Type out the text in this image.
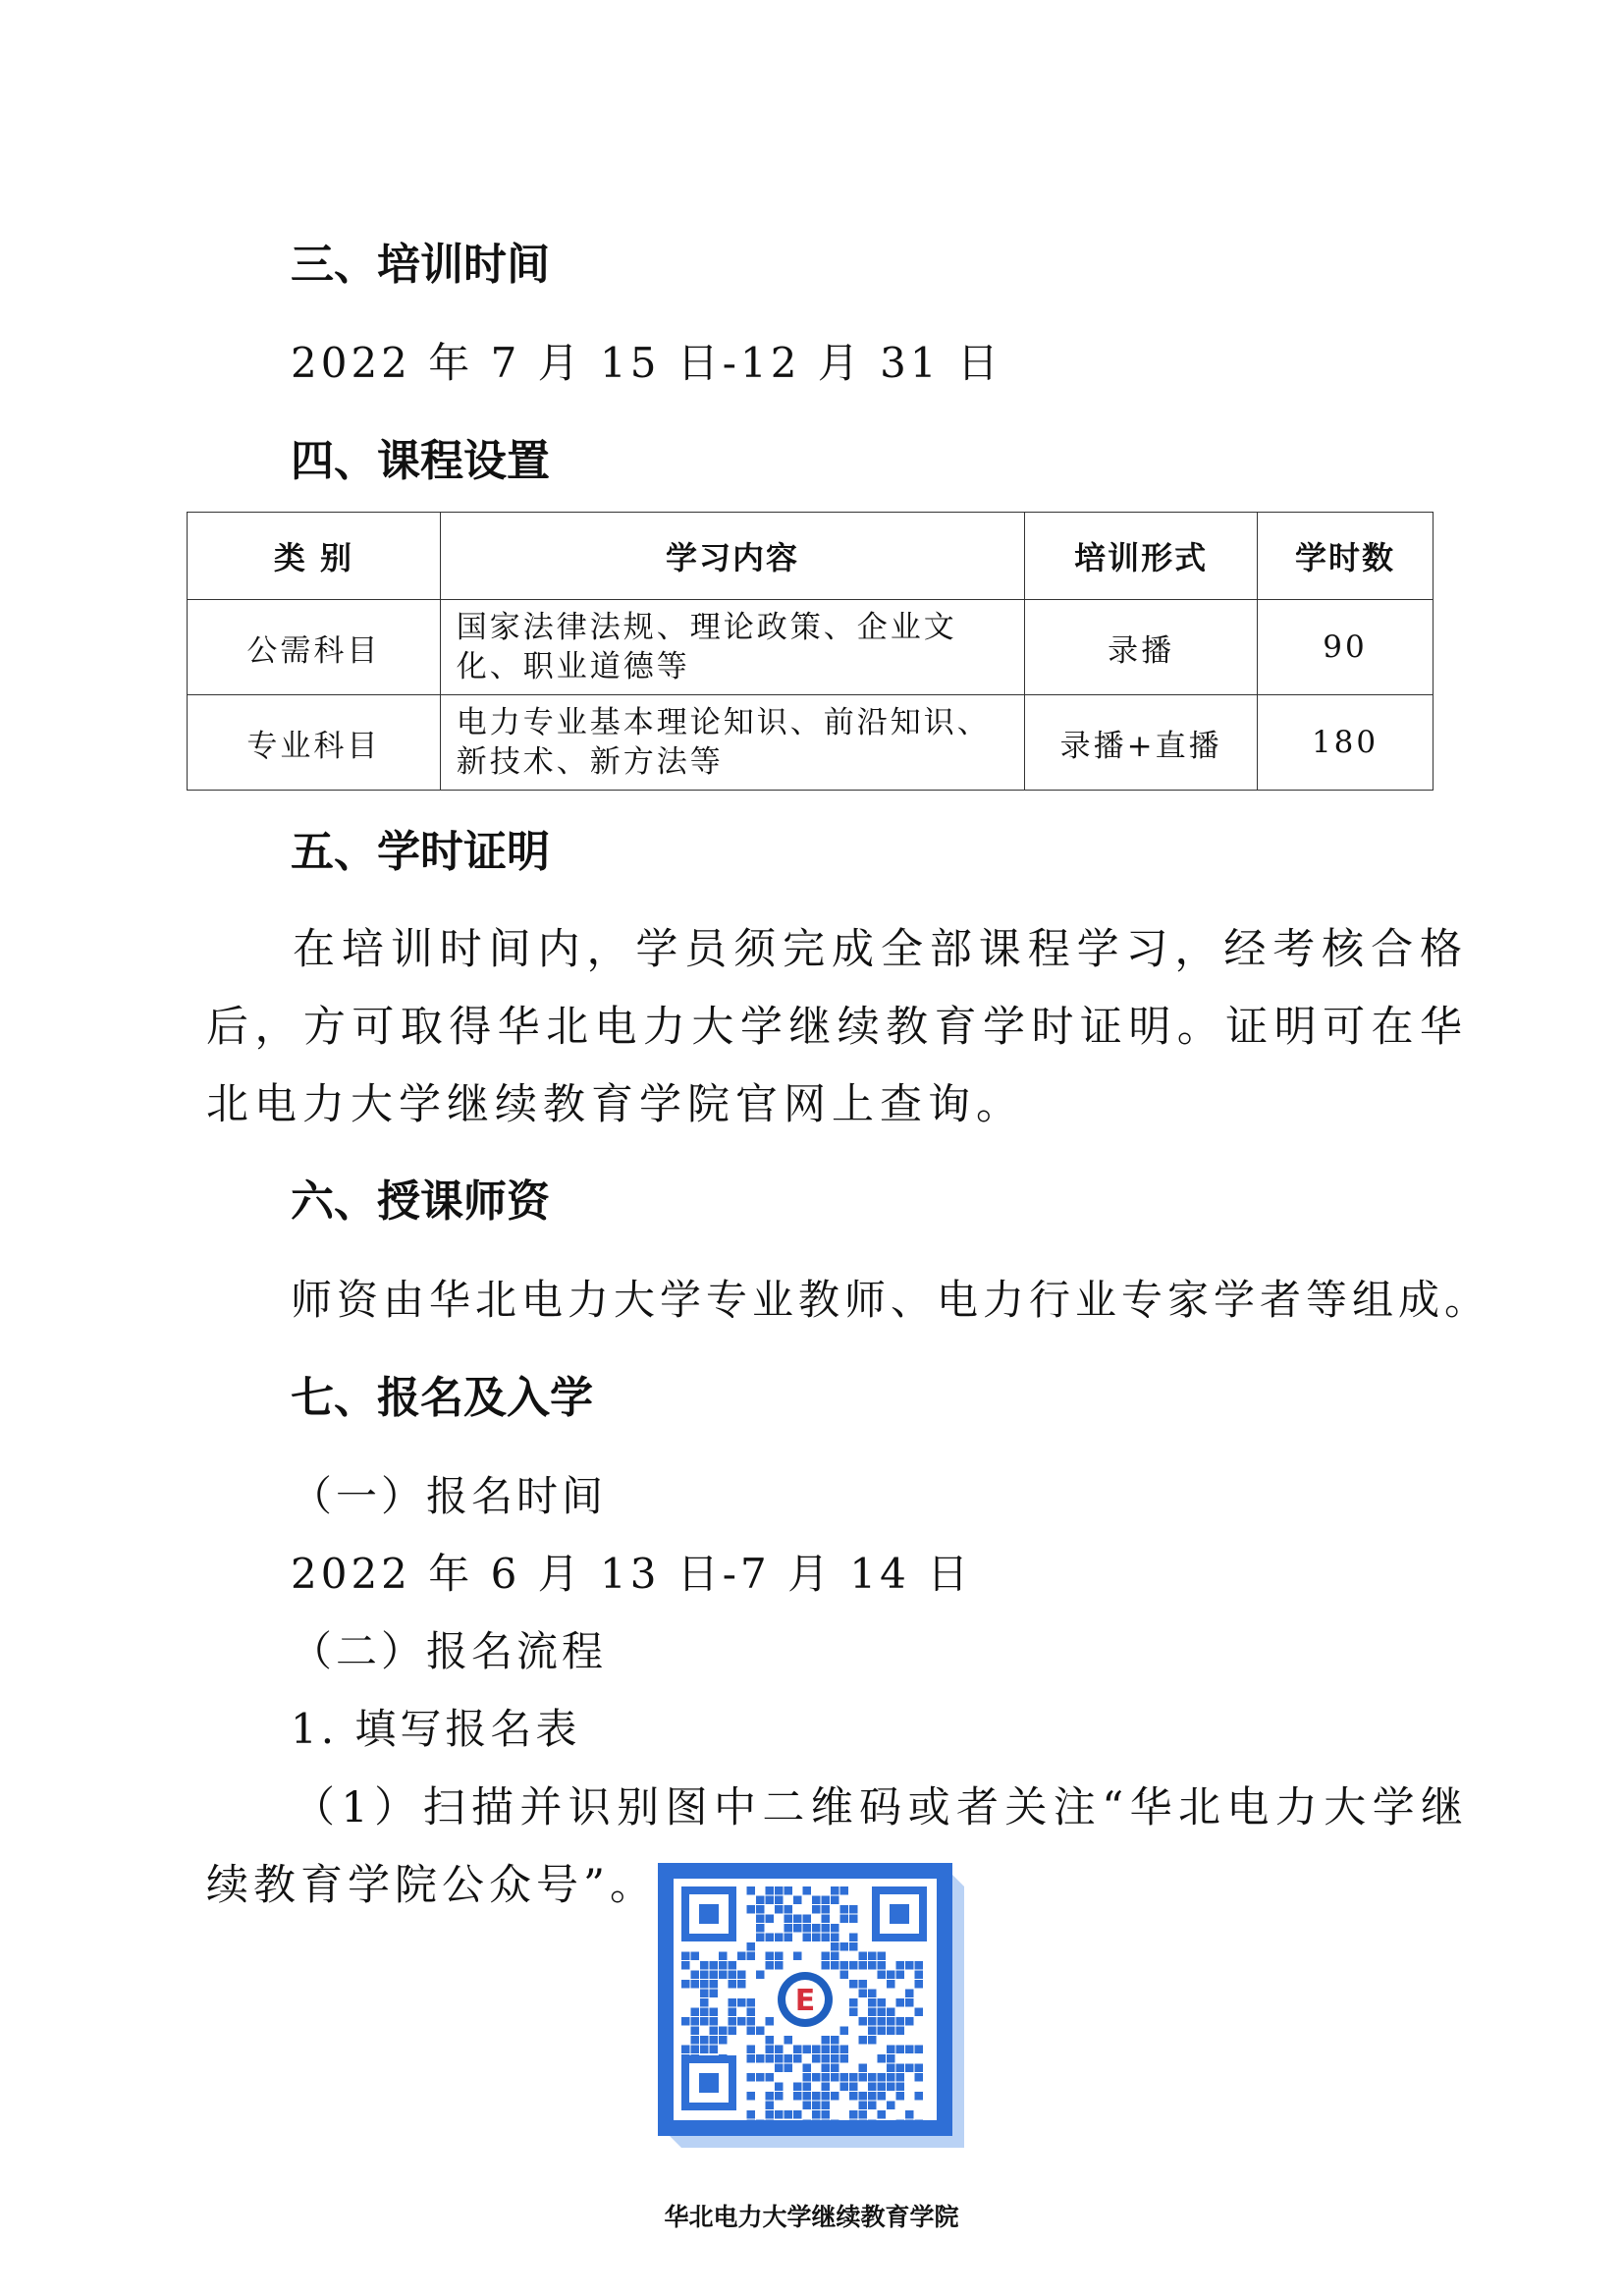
三、培训时间
2022 年 7 月 15 日-12 月 31 日
四、课程设置
类 别	学习内容	培训形式	学时数
公需科目	国家法律法规、理论政策、企业文化、职业道德等	录播	90
专业科目	电力专业基本理论知识、前沿知识、新技术、新方法等	录播+直播	180
五、学时证明
在培训时间内，学员须完成全部课程学习，经考核合格后，方可取得华北电力大学继续教育学时证明。证明可在华北电力大学继续教育学院官网上查询。
六、授课师资
师资由华北电力大学专业教师、电力行业专家学者等组成。
七、报名及入学
（一）报名时间
2022 年 6 月 13 日-7 月 14 日
（二）报名流程
1. 填写报名表
（1）扫描并识别图中二维码或者关注“华北电力大学继续教育学院公众号”。
E
华北电力大学继续教育学院
